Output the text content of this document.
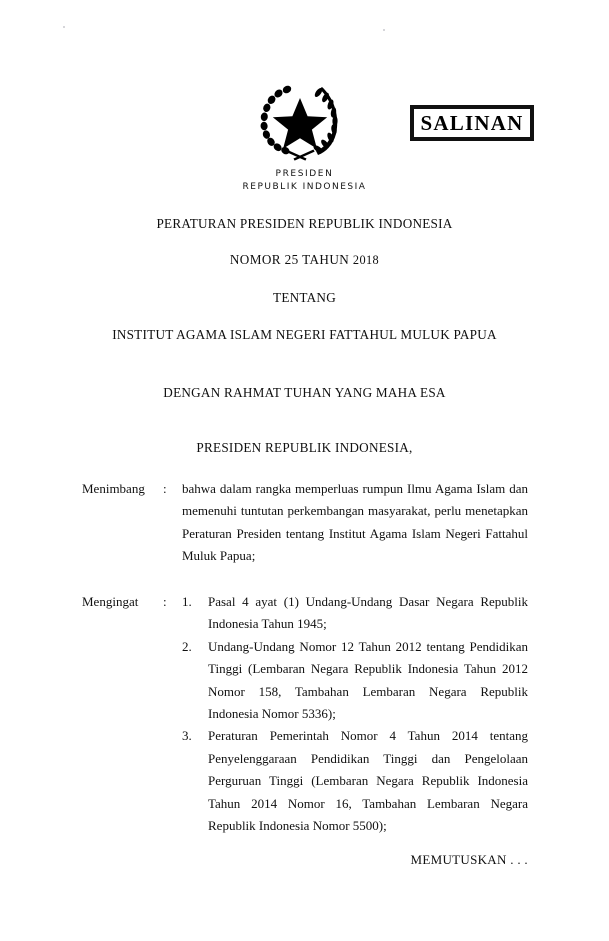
SALINAN
PRESIDEN
REPUBLIK INDONESIA
PERATURAN PRESIDEN REPUBLIK INDONESIA
NOMOR 25 TAHUN 2018
TENTANG
INSTITUT AGAMA ISLAM NEGERI FATTAHUL MULUK PAPUA
DENGAN RAHMAT TUHAN YANG MAHA ESA
PRESIDEN REPUBLIK INDONESIA,
Menimbang	:	bahwa dalam rangka memperluas rumpun Ilmu Agama Islam dan memenuhi tuntutan perkembangan masyarakat, perlu menetapkan Peraturan Presiden tentang Institut Agama Islam Negeri Fattahul Muluk Papua;

Mengingat	:	1.	Pasal 4 ayat (1) Undang-Undang Dasar Negara Republik Indonesia Tahun 1945;
2.	Undang-Undang Nomor 12 Tahun 2012 tentang Pendidikan Tinggi (Lembaran Negara Republik Indonesia Tahun 2012 Nomor 158, Tambahan Lembaran Negara Republik Indonesia Nomor 5336);
3.	Peraturan Pemerintah Nomor 4 Tahun 2014 tentang Penyelenggaraan Pendidikan Tinggi dan Pengelolaan Perguruan Tinggi (Lembaran Negara Republik Indonesia Tahun 2014 Nomor 16, Tambahan Lembaran Negara Republik Indonesia Nomor 5500);
MEMUTUSKAN . . .
